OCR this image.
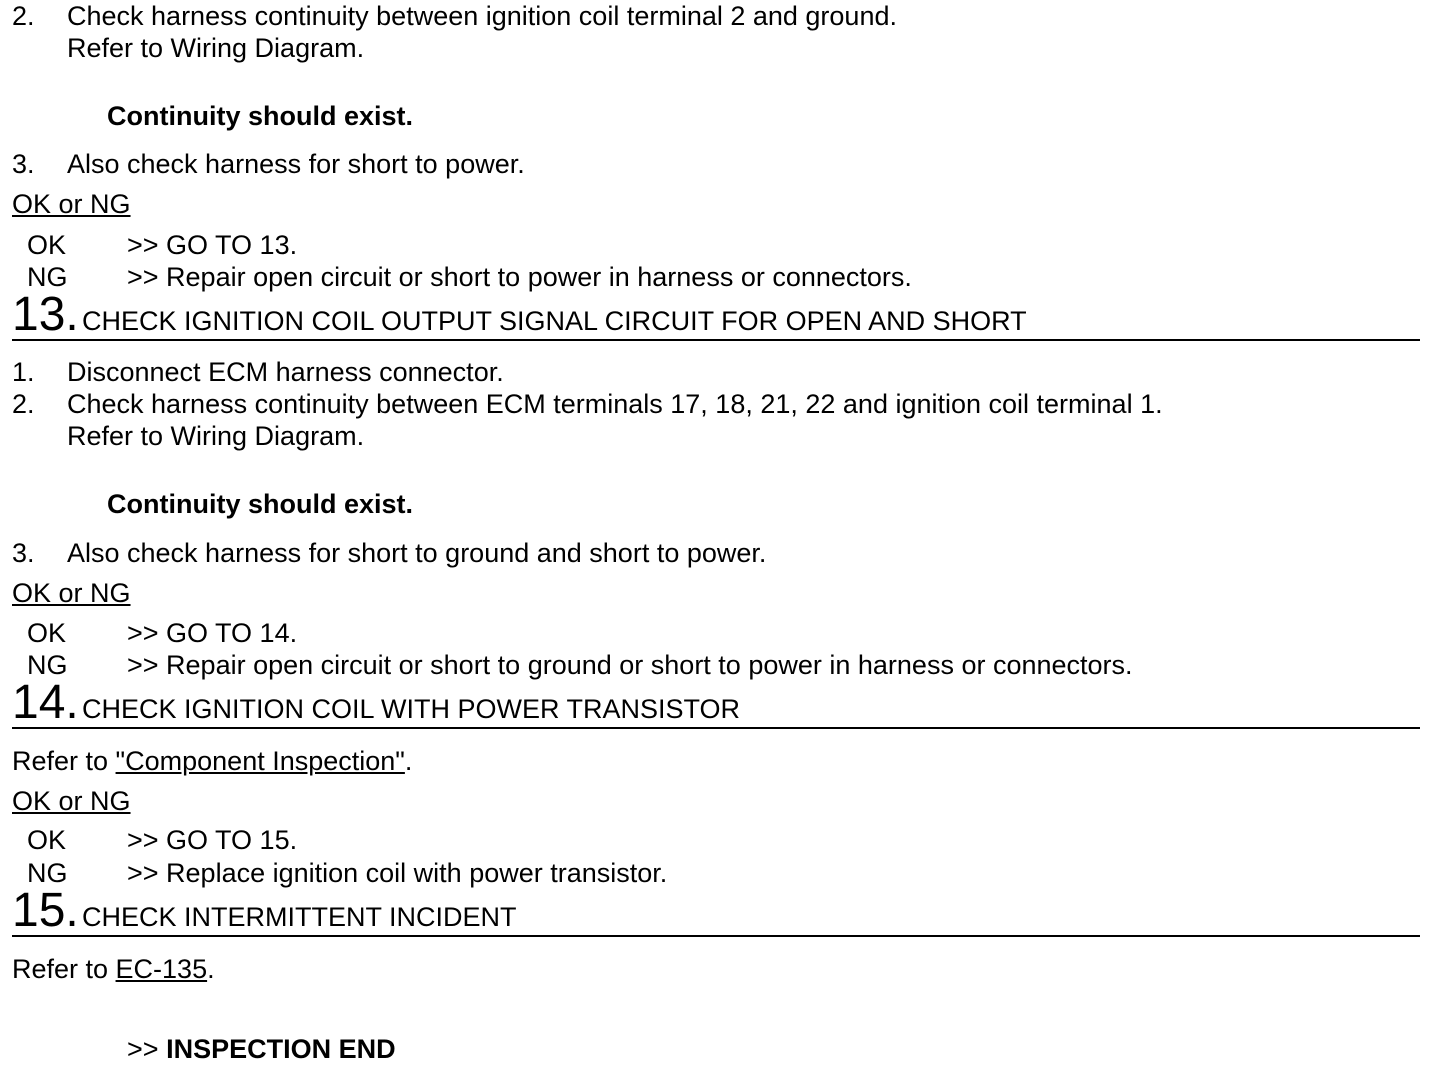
2. Check harness continuity between ignition coil terminal 2 and ground.
Refer to Wiring Diagram.
Continuity should exist.
3. Also check harness for short to power.
OK or NG
OK >> GO TO 13.
NG >> Repair open circuit or short to power in harness or connectors.
13. CHECK IGNITION COIL OUTPUT SIGNAL CIRCUIT FOR OPEN AND SHORT
1. Disconnect ECM harness connector.
2. Check harness continuity between ECM terminals 17, 18, 21, 22 and ignition coil terminal 1.
Refer to Wiring Diagram.
Continuity should exist.
3. Also check harness for short to ground and short to power.
OK or NG
OK >> GO TO 14.
NG >> Repair open circuit or short to ground or short to power in harness or connectors.
14. CHECK IGNITION COIL WITH POWER TRANSISTOR
Refer to "Component Inspection".
OK or NG
OK >> GO TO 15.
NG >> Replace ignition coil with power transistor.
15. CHECK INTERMITTENT INCIDENT
Refer to EC-135.
>> INSPECTION END
